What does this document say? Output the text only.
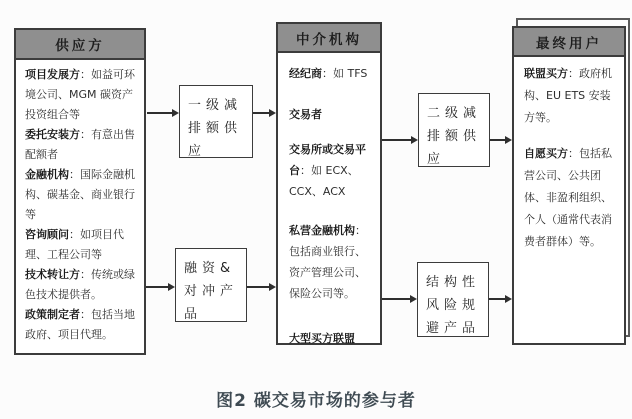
供应方

项目发展方：如益可环境公司、MGM 碳资产投资组合等

委托安装方：有意出售配额者

金融机构：国际金融机构、碳基金、商业银行等

咨询顾问：如项目代理、工程公司等

技术转让方：传统或绿色技术提供者。

政策制定者：包括当地政府、项目代理。

中介机构

经纪商：如 TFS

交易者

交易所或交易平台：如 ECX、CCX、ACX

私营金融机构：包括商业银行、资产管理公司、保险公司等。

大型买方联盟

最终用户

联盟买方：政府机构、EU ETS 安装方等。

自愿买方：包括私营公司、公共团体、非盈利组织、个人（通常代表消费者群体）等。

一级减排额供应
融资&对冲产品
二级减排额供应
结构性风险规避产品
图2 碳交易市场的参与者
